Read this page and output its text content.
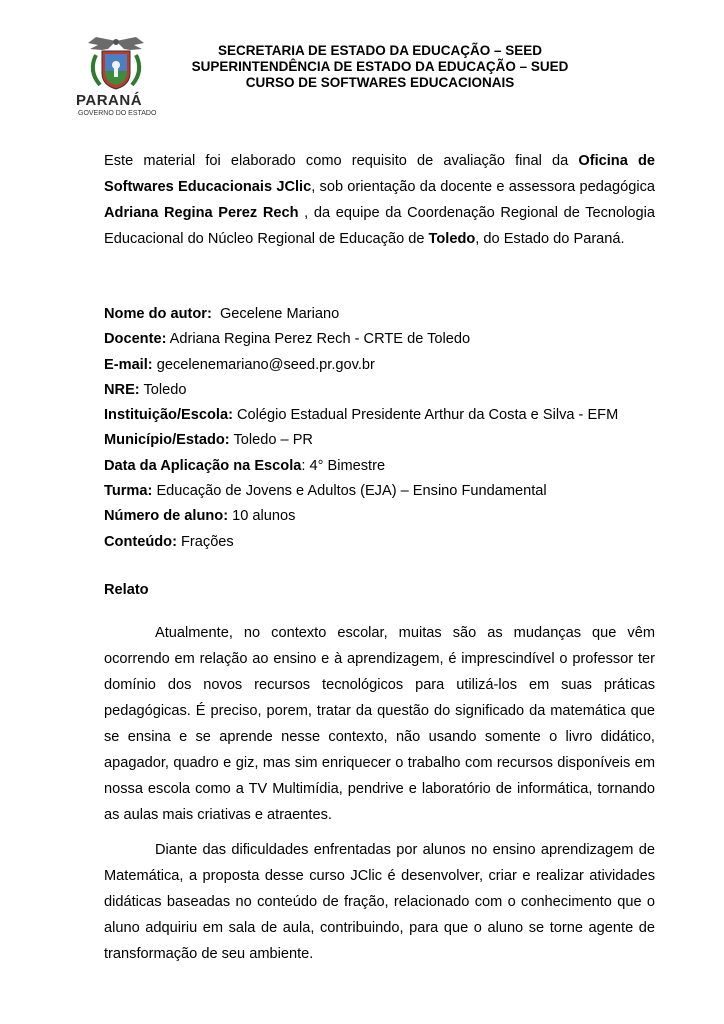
PARANÁ
GOVERNO DO ESTADO
SECRETARIA DE ESTADO DA EDUCAÇÃO – SEED
SUPERINTENDÊNCIA DE ESTADO DA EDUCAÇÃO – SUED
CURSO DE SOFTWARES EDUCACIONAIS

Este material foi elaborado como requisito de avaliação final da Oficina de Softwares Educacionais JClic, sob orientação da docente e assessora pedagógica Adriana Regina Perez Rech , da equipe da Coordenação Regional de Tecnologia Educacional do Núcleo Regional de Educação de Toledo, do Estado do Paraná.

Nome do autor:  Gecelene Mariano
Docente: Adriana Regina Perez Rech - CRTE de Toledo
E-mail: gecelenemariano@seed.pr.gov.br
NRE: Toledo
Instituição/Escola: Colégio Estadual Presidente Arthur da Costa e Silva - EFM
Município/Estado: Toledo – PR
Data da Aplicação na Escola: 4° Bimestre
Turma: Educação de Jovens e Adultos (EJA) – Ensino Fundamental
Número de aluno: 10 alunos
Conteúdo: Frações
Relato

Atualmente, no contexto escolar, muitas são as mudanças que vêm ocorrendo em relação ao ensino e à aprendizagem, é imprescindível o professor ter domínio dos novos recursos tecnológicos para utilizá-los em suas práticas pedagógicas. É preciso, porem, tratar da questão do significado da matemática que se ensina e se aprende nesse contexto, não usando somente o livro didático, apagador, quadro e giz, mas sim enriquecer o trabalho com recursos disponíveis em nossa escola como a TV Multimídia, pendrive e laboratório de informática, tornando as aulas mais criativas e atraentes.

Diante das dificuldades enfrentadas por alunos no ensino aprendizagem de Matemática, a proposta desse curso JClic é desenvolver, criar e realizar atividades didáticas baseadas no conteúdo de fração, relacionado com o conhecimento que o aluno adquiriu em sala de aula, contribuindo, para que o aluno se torne agente de transformação de seu ambiente.
